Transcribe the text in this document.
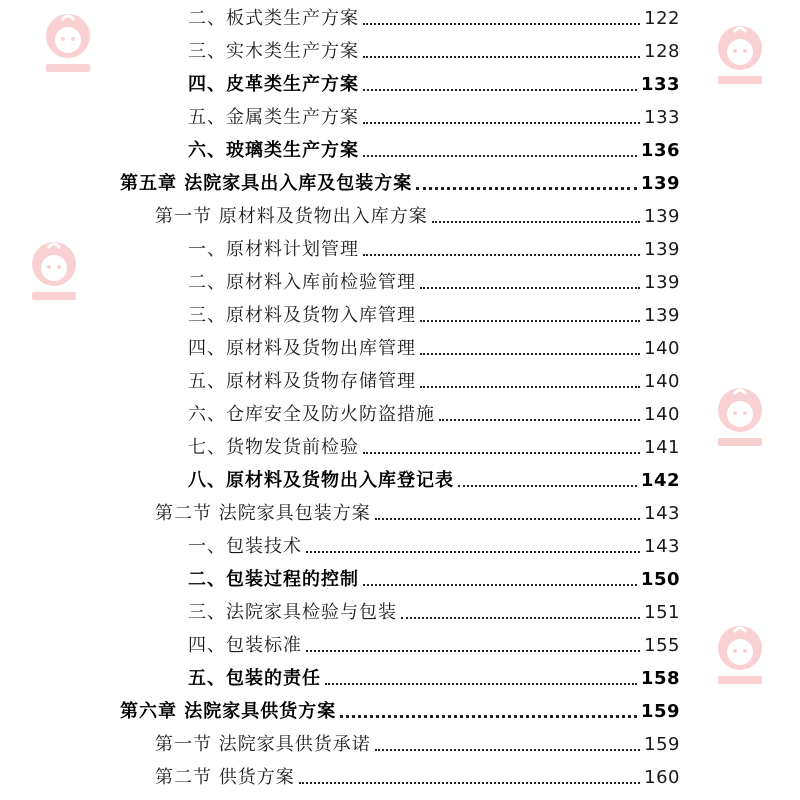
二、板式类生产方案	122
三、实木类生产方案	128
四、皮革类生产方案	133
五、金属类生产方案	133
六、玻璃类生产方案	136
第五章 法院家具出入库及包装方案	139
第一节 原材料及货物出入库方案	139
一、原材料计划管理	139
二、原材料入库前检验管理	139
三、原材料及货物入库管理	139
四、原材料及货物出库管理	140
五、原材料及货物存储管理	140
六、仓库安全及防火防盗措施	140
七、货物发货前检验	141
八、原材料及货物出入库登记表	142
第二节 法院家具包装方案	143
一、包装技术	143
二、包装过程的控制	150
三、法院家具检验与包装	151
四、包装标准	155
五、包装的责任	158
第六章 法院家具供货方案	159
第一节 法院家具供货承诺	159
第二节 供货方案	160
